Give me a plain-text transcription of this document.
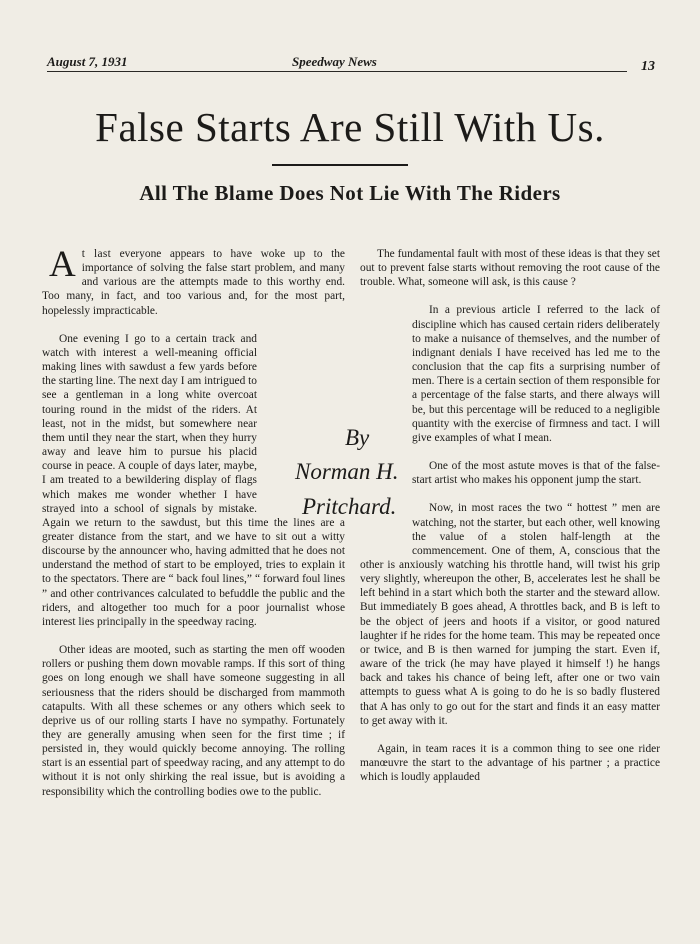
August 7, 1931	Speedway News	13
False Starts Are Still With Us.
All The Blame Does Not Lie With The Riders

At last everyone appears to have woke up to the importance of solving the false start problem, and many and various are the attempts made to this worthy end. Too many, in fact, and too various and, for the most part, hopelessly impracticable.

One evening I go to a certain track and watch with interest a well-meaning official making lines with sawdust a few yards before the starting line. The next day I am intrigued to see a gentleman in a long white overcoat touring round in the midst of the riders. At least, not in the midst, but somewhere near them until they near the start, when they hurry away and leave him to pursue his placid course in peace. A couple of days later, maybe, I am treated to a bewildering display of flags which makes me wonder whether I have strayed into a school of signals by mistake. Again we return to the sawdust, but this time the lines are a greater distance from the start, and we have to sit out a witty discourse by the announcer who, having admitted that he does not understand the method of start to be employed, tries to explain it to the spectators. There are “ back foul lines,” “ forward foul lines ” and other contrivances calculated to befuddle the public and the riders, and altogether too much for a poor journalist whose interest lies principally in the speedway racing.

Other ideas are mooted, such as starting the men off wooden rollers or pushing them down movable ramps. If this sort of thing goes on long enough we shall have someone suggesting in all seriousness that the riders should be discharged from mammoth catapults. With all these schemes or any others which seek to deprive us of our rolling starts I have no sympathy. Fortunately they are generally amusing when seen for the first time ; if persisted in, they would quickly become annoying. The rolling start is an essential part of speedway racing, and any attempt to do without it is not only shirking the real issue, but is avoiding a responsibility which the controlling bodies owe to the public.

By
Norman H.
Pritchard.

The fundamental fault with most of these ideas is that they set out to prevent false starts without removing the root cause of the trouble. What, someone will ask, is this cause ?

In a previous article I referred to the lack of discipline which has caused certain riders deliberately to make a nuisance of themselves, and the number of indignant denials I have received has led me to the conclusion that the cap fits a surprising number of men. There is a certain section of them responsible for a percentage of the false starts, and there always will be, but this percentage will be reduced to a negligible quantity with the exercise of firmness and tact. I will give examples of what I mean.

One of the most astute moves is that of the false-start artist who makes his opponent jump the start.

Now, in most races the two “ hottest ” men are watching, not the starter, but each other, well knowing the value of a stolen half-length at the commencement. One of them, A, conscious that the other is anxiously watching his throttle hand, will twist his grip very slightly, whereupon the other, B, accelerates lest he shall be left behind in a start which both the starter and the steward allow. But immediately B goes ahead, A throttles back, and B is left to be the object of jeers and hoots if a visitor, or good natured laughter if he rides for the home team. This may be repeated once or twice, and B is then warned for jumping the start. Even if, aware of the trick (he may have played it himself !) he hangs back and takes his chance of being left, after one or two vain attempts to guess what A is going to do he is so badly flustered that A has only to go out for the start and finds it an easy matter to get away with it.

Again, in team races it is a common thing to see one rider manœuvre the start to the advantage of his partner ; a practice which is loudly applauded
